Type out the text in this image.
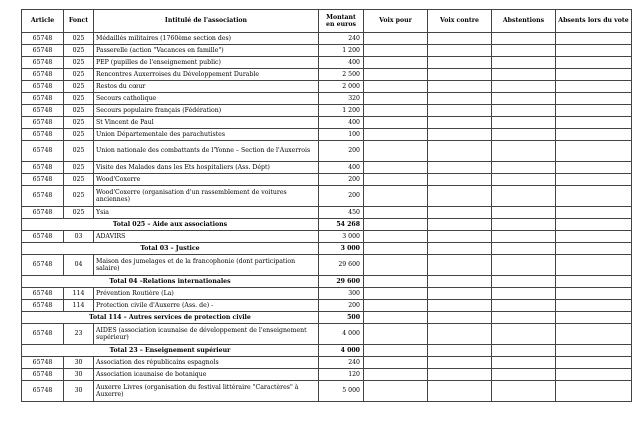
Article	Fonct	Intitulé de l'association	Montant en euros	Voix pour	Voix contre	Abstentions	Absents lors du vote
65748	025	Médaillés militaires (1760ème section des)	240				
65748	025	Passerelle (action "Vacances en famille")	1 200				
65748	025	PEP (pupilles de l'enseignement public)	400				
65748	025	Rencontres Auxerroises du Développement Durable	2 500				
65748	025	Restos du cœur	2 000				
65748	025	Secours catholique	320				
65748	025	Secours populaire français (Fédération)	1 200				
65748	025	St Vincent de Paul	400				
65748	025	Union Départementale des parachutistes	100				
65748	025	Union nationale des combattants de l'Yonne – Section de l'Auxerrois	200				
65748	025	Visite des Malades dans les Ets hospitaliers (Ass. Dépt)	400				
65748	025	Wood'Coxerre	200				
65748	025	Wood'Coxerre (organisation d'un rassemblement de voitures anciennes)	200				
65748	025	Ysia	450				
Total 025 – Aide aux associations			54 268				
65748	03	ADAVIRS	3 000				
Total 03 – Justice			3 000				
65748	04	Maison des jumelages et de la francophonie (dont participation salaire)	29 600				
Total 04 –Relations internationales			29 600				
65748	114	Prévention Routière (La)	300				
65748	114	Protection civile d'Auxerre (Ass. de) -	200				
Total 114 – Autres services de protection civile			500				
65748	23	AIDES (association icaunaise de développement de l'enseignement supérieur)	4 000				
Total 23 – Enseignement supérieur			4 000				
65748	30	Association des républicains espagnols	240				
65748	30	Association icaunaise de botanique	120				
65748	30	Auxerre Livres (organisation du festival littéraire "Caractères" à Auxerre)	5 000				
